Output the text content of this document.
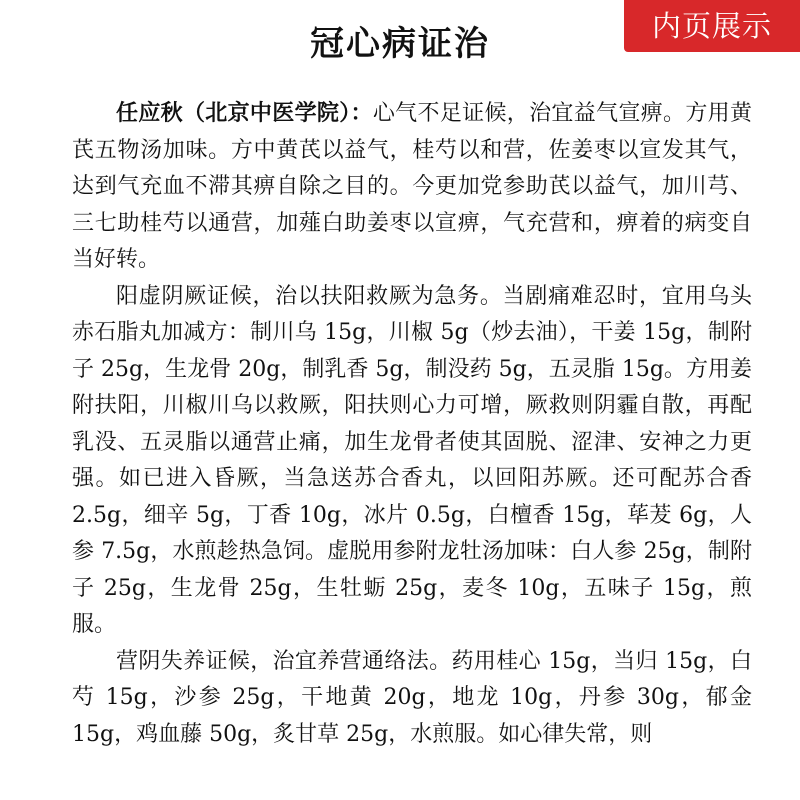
内页展示
冠心病证治

任应秋（北京中医学院）：心气不足证候，治宜益气宣痹。方用黄芪五物汤加味。方中黄芪以益气，桂芍以和营，佐姜枣以宣发其气，达到气充血不滞其痹自除之目的。今更加党参助芪以益气，加川芎、三七助桂芍以通营，加薤白助姜枣以宣痹，气充营和，痹着的病变自当好转。

阳虚阴厥证候，治以扶阳救厥为急务。当剧痛难忍时，宜用乌头赤石脂丸加减方：制川乌 15g，川椒 5g（炒去油），干姜 15g，制附子 25g，生龙骨 20g，制乳香 5g，制没药 5g，五灵脂 15g。方用姜附扶阳，川椒川乌以救厥，阳扶则心力可增，厥救则阴霾自散，再配乳没、五灵脂以通营止痛，加生龙骨者使其固脱、涩津、安神之力更强。如已进入昏厥，当急送苏合香丸，以回阳苏厥。还可配苏合香 2.5g，细辛 5g，丁香 10g，冰片 0.5g，白檀香 15g，荜茇 6g，人参 7.5g，水煎趁热急饲。虚脱用参附龙牡汤加味：白人参 25g，制附子 25g，生龙骨 25g，生牡蛎 25g，麦冬 10g，五味子 15g，煎服。

营阴失养证候，治宜养营通络法。药用桂心 15g，当归 15g，白芍 15g，沙参 25g，干地黄 20g，地龙 10g，丹参 30g，郁金 15g，鸡血藤 50g，炙甘草 25g，水煎服。如心律失常，则
